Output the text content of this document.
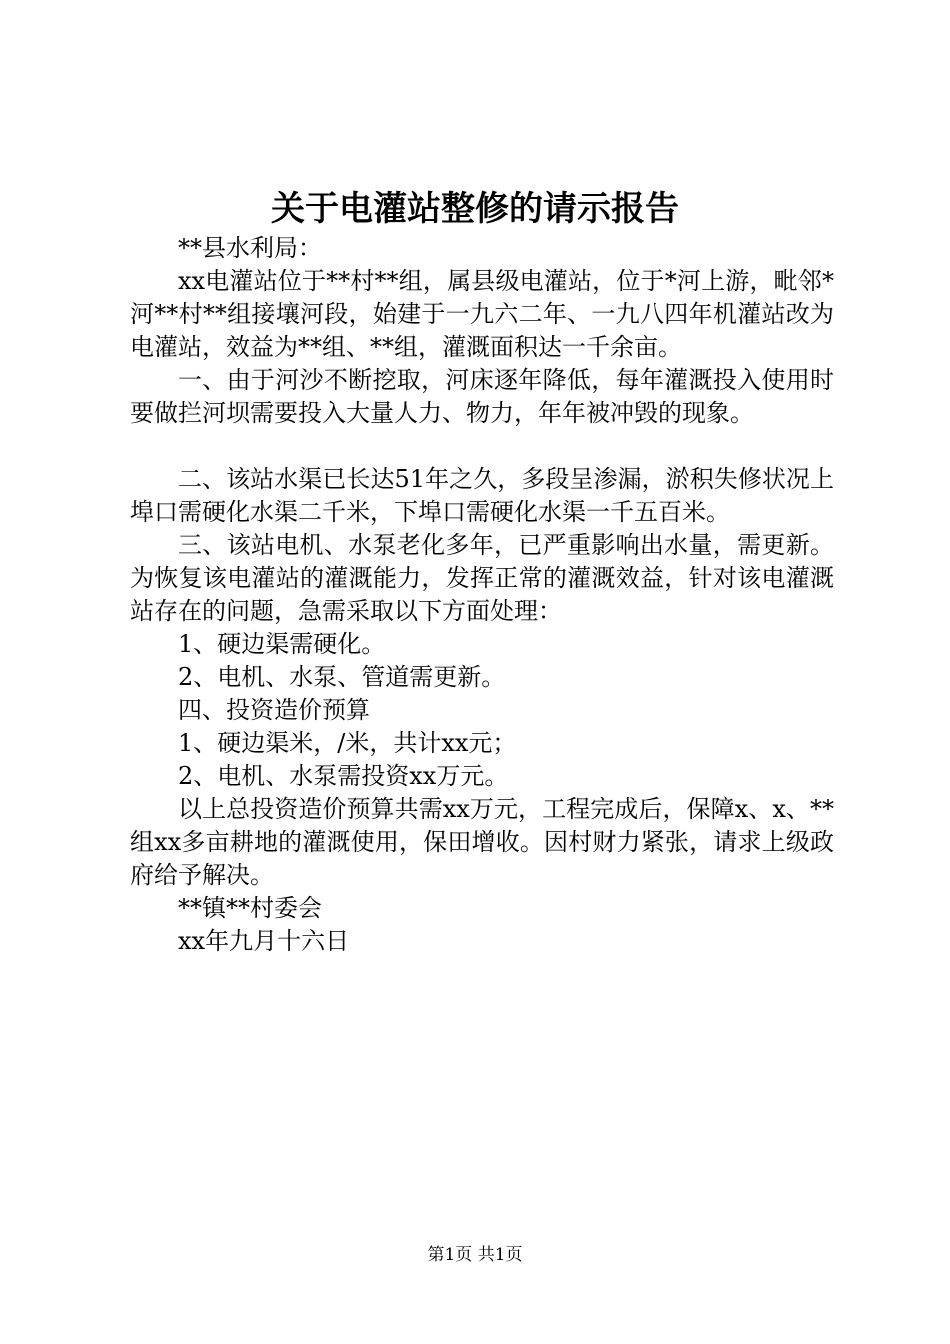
关于电灌站整修的请示报告

**县水利局：

xx电灌站位于**村**组，属县级电灌站，位于*河上游，毗邻*河**村**组接壤河段，始建于一九六二年、一九八四年机灌站改为电灌站，效益为**组、**组，灌溉面积达一千余亩。

一、由于河沙不断挖取，河床逐年降低，每年灌溉投入使用时要做拦河坝需要投入大量人力、物力，年年被冲毁的现象。

二、该站水渠已长达51年之久，多段呈渗漏，淤积失修状况上埠口需硬化水渠二千米，下埠口需硬化水渠一千五百米。

三、该站电机、水泵老化多年，已严重影响出水量，需更新。为恢复该电灌站的灌溉能力，发挥正常的灌溉效益，针对该电灌溉站存在的问题，急需采取以下方面处理：

1、硬边渠需硬化。

2、电机、水泵、管道需更新。

四、投资造价预算

1、硬边渠米，/米，共计xx元；

2、电机、水泵需投资xx万元。

以上总投资造价预算共需xx万元，工程完成后，保障x、x、**组xx多亩耕地的灌溉使用，保田增收。因村财力紧张，请求上级政府给予解决。

**镇**村委会

xx年九月十六日

第1页 共1页
